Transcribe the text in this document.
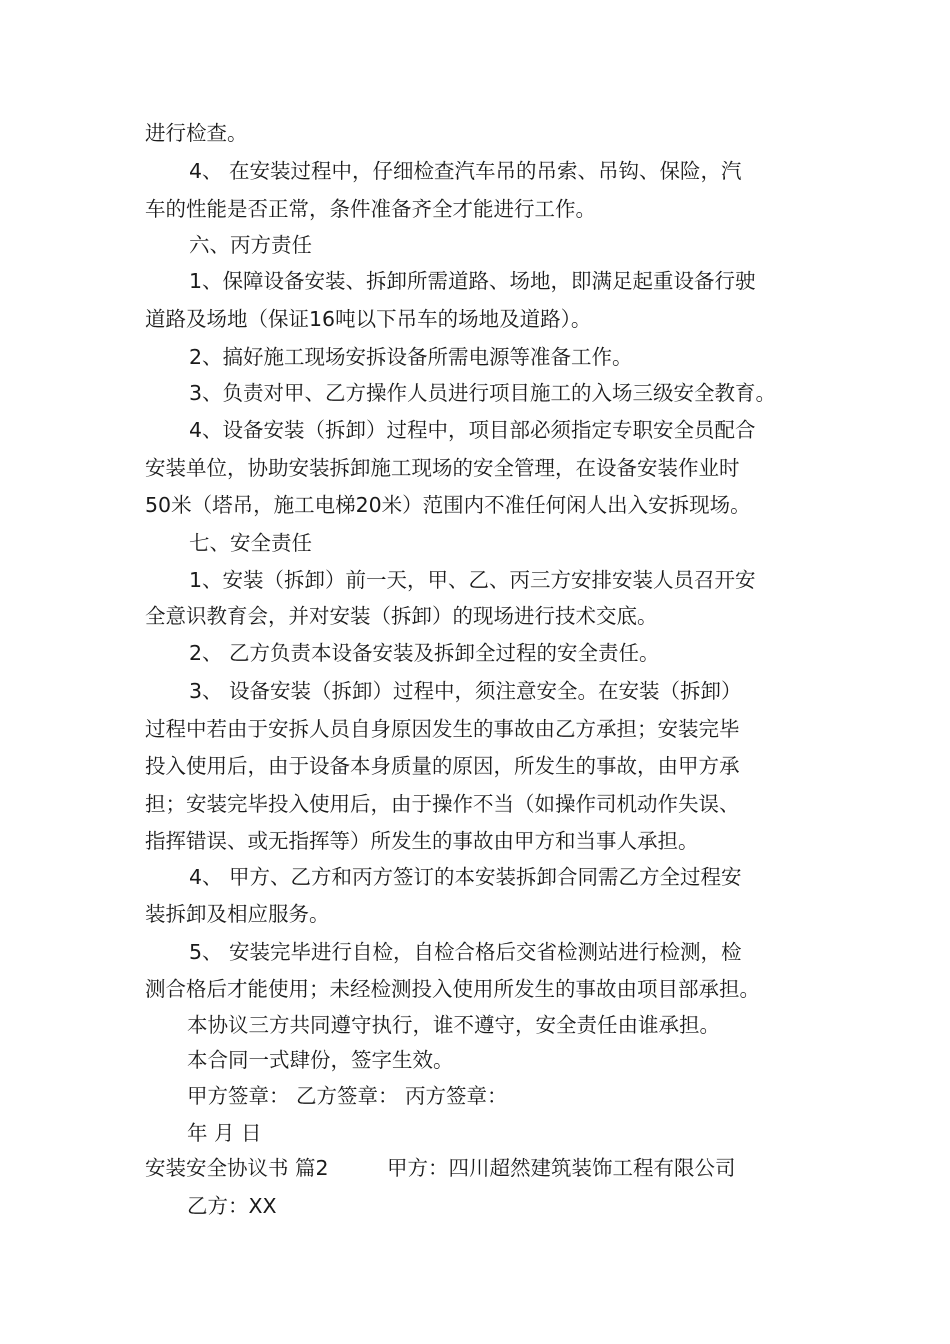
进行检查。
4、 在安装过程中，仔细检查汽车吊的吊索、吊钩、保险，汽
车的性能是否正常，条件准备齐全才能进行工作。
六、丙方责任
1、保障设备安装、拆卸所需道路、场地，即满足起重设备行驶
道路及场地（保证16吨以下吊车的场地及道路）。
2、搞好施工现场安拆设备所需电源等准备工作。
3、负责对甲、乙方操作人员进行项目施工的入场三级安全教育。
4、设备安装（拆卸）过程中，项目部必须指定专职安全员配合
安装单位，协助安装拆卸施工现场的安全管理，在设备安装作业时
50米（塔吊，施工电梯20米）范围内不准任何闲人出入安拆现场。
七、安全责任
1、安装（拆卸）前一天，甲、乙、丙三方安排安装人员召开安
全意识教育会，并对安装（拆卸）的现场进行技术交底。
2、 乙方负责本设备安装及拆卸全过程的安全责任。
3、 设备安装（拆卸）过程中，须注意安全。在安装（拆卸）
过程中若由于安拆人员自身原因发生的事故由乙方承担；安装完毕
投入使用后，由于设备本身质量的原因，所发生的事故，由甲方承
担；安装完毕投入使用后，由于操作不当（如操作司机动作失误、
指挥错误、或无指挥等）所发生的事故由甲方和当事人承担。
4、 甲方、乙方和丙方签订的本安装拆卸合同需乙方全过程安
装拆卸及相应服务。
5、 安装完毕进行自检，自检合格后交省检测站进行检测，检
测合格后才能使用；未经检测投入使用所发生的事故由项目部承担。
本协议三方共同遵守执行，谁不遵守，安全责任由谁承担。
本合同一式肆份，签字生效。
甲方签章： 乙方签章： 丙方签章：
年 月 日
安装安全协议书 篇2	甲方：四川超然建筑装饰工程有限公司
乙方：XX
